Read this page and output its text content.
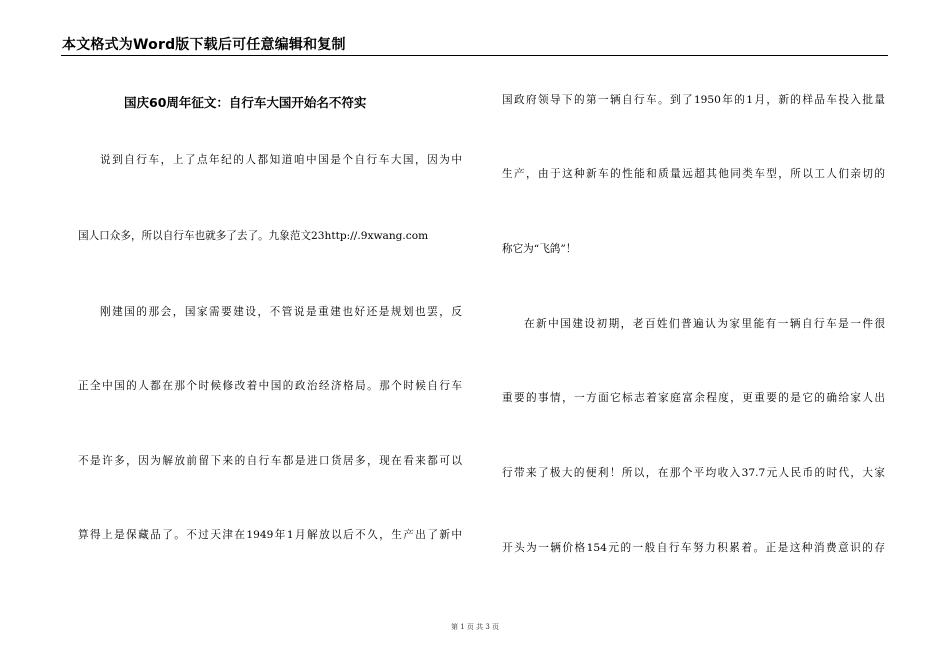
本文格式为Word版下载后可任意编辑和复制
国庆60周年征文：自行车大国开始名不符实
说到自行车，上了点年纪的人都知道咱中国是个自行车大国，因为中
国人口众多，所以自行车也就多了去了。九象范文23http://.9xwang.com
刚建国的那会，国家需要建设，不管说是重建也好还是规划也罢，反
正全中国的人都在那个时候修改着中国的政治经济格局。那个时候自行车
不是许多，因为解放前留下来的自行车都是进口货居多，现在看来都可以
算得上是保藏品了。不过天津在1949年1月解放以后不久，生产出了新中
国政府领导下的第一辆自行车。到了1950年的1月，新的样品车投入批量
生产，由于这种新车的性能和质量远超其他同类车型，所以工人们亲切的
称它为“飞鸽”！
在新中国建设初期，老百姓们普遍认为家里能有一辆自行车是一件很
重要的事情，一方面它标志着家庭富余程度，更重要的是它的确给家人出
行带来了极大的便利！所以，在那个平均收入37.7元人民币的时代，大家
开头为一辆价格154元的一般自行车努力积累着。正是这种消费意识的存
第 1 页 共 3 页
